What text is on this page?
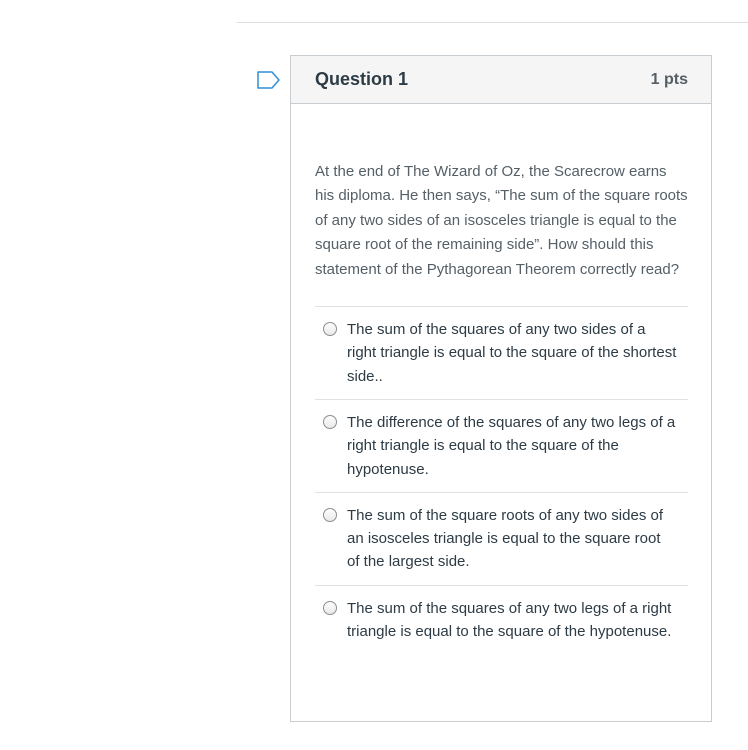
Question 1	1 pts

At the end of The Wizard of Oz, the Scarecrow earns his diploma. He then says, “The sum of the square roots of any two sides of an isosceles triangle is equal to the square root of the remaining side”. How should this statement of the Pythagorean Theorem correctly read?

The sum of the squares of any two sides of a right triangle is equal to the square of the shortest side..
The difference of the squares of any two legs of a right triangle is equal to the square of the hypotenuse.
The sum of the square roots of any two sides of an isosceles triangle is equal to the square root of the largest side.
The sum of the squares of any two legs of a right triangle is equal to the square of the hypotenuse.
